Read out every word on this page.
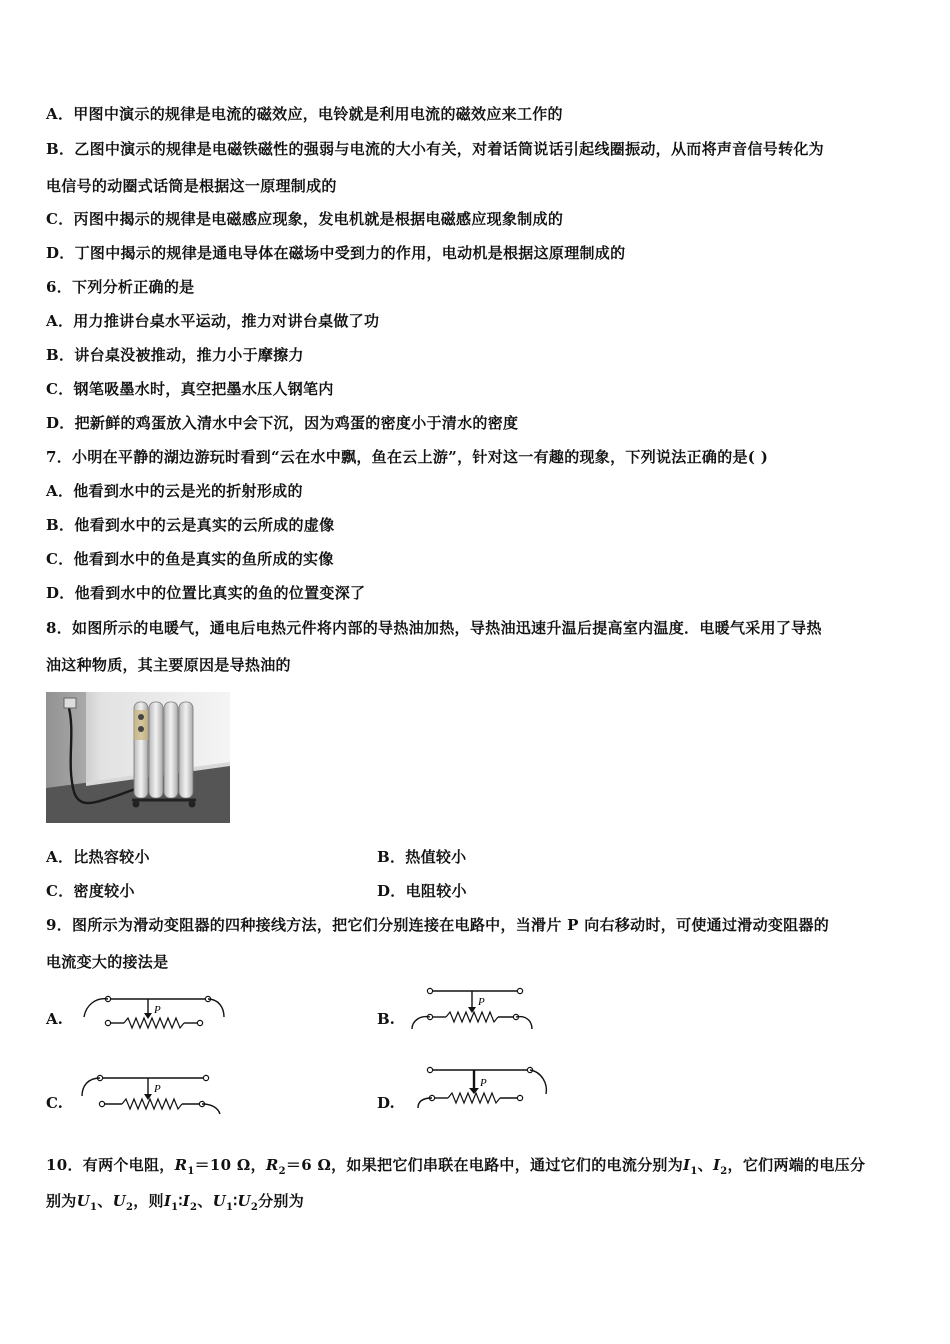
A．甲图中演示的规律是电流的磁效应，电铃就是利用电流的磁效应来工作的
B．乙图中演示的规律是电磁铁磁性的强弱与电流的大小有关，对着话筒说话引起线圈振动，从而将声音信号转化为
电信号的动圈式话筒是根据这一原理制成的
C．丙图中揭示的规律是电磁感应现象，发电机就是根据电磁感应现象制成的
D．丁图中揭示的规律是通电导体在磁场中受到力的作用，电动机是根据这原理制成的
6．下列分析正确的是
A．用力推讲台桌水平运动，推力对讲台桌做了功
B．讲台桌没被推动，推力小于摩擦力
C．钢笔吸墨水时，真空把墨水压人钢笔内
D．把新鲜的鸡蛋放入清水中会下沉，因为鸡蛋的密度小于清水的密度
7．小明在平静的湖边游玩时看到“云在水中飘，鱼在云上游”，针对这一有趣的现象，下列说法正确的是( )
A．他看到水中的云是光的折射形成的
B．他看到水中的云是真实的云所成的虚像
C．他看到水中的鱼是真实的鱼所成的实像
D．他看到水中的位置比真实的鱼的位置变深了
8．如图所示的电暖气，通电后电热元件将内部的导热油加热，导热油迅速升温后提高室内温度．电暖气采用了导热
油这种物质，其主要原因是导热油的
A．比热容较小	B．热值较小
C．密度较小	D．电阻较小
9．图所示为滑动变阻器的四种接线方法，把它们分别连接在电路中，当滑片 P 向右移动时，可使通过滑动变阻器的
电流变大的接法是
A.	P	B.
P
C.
P
D.
P
10．有两个电阻，$R_1=10$ Ω，$R_2=6$ Ω，如果把它们串联在电路中，通过它们的电流分别为$I_1$、$I_2$，它们两端的电压分
别为$U_1$、$U_2$，则$I_1∶I_2$、$U_1∶U_2$分别为
